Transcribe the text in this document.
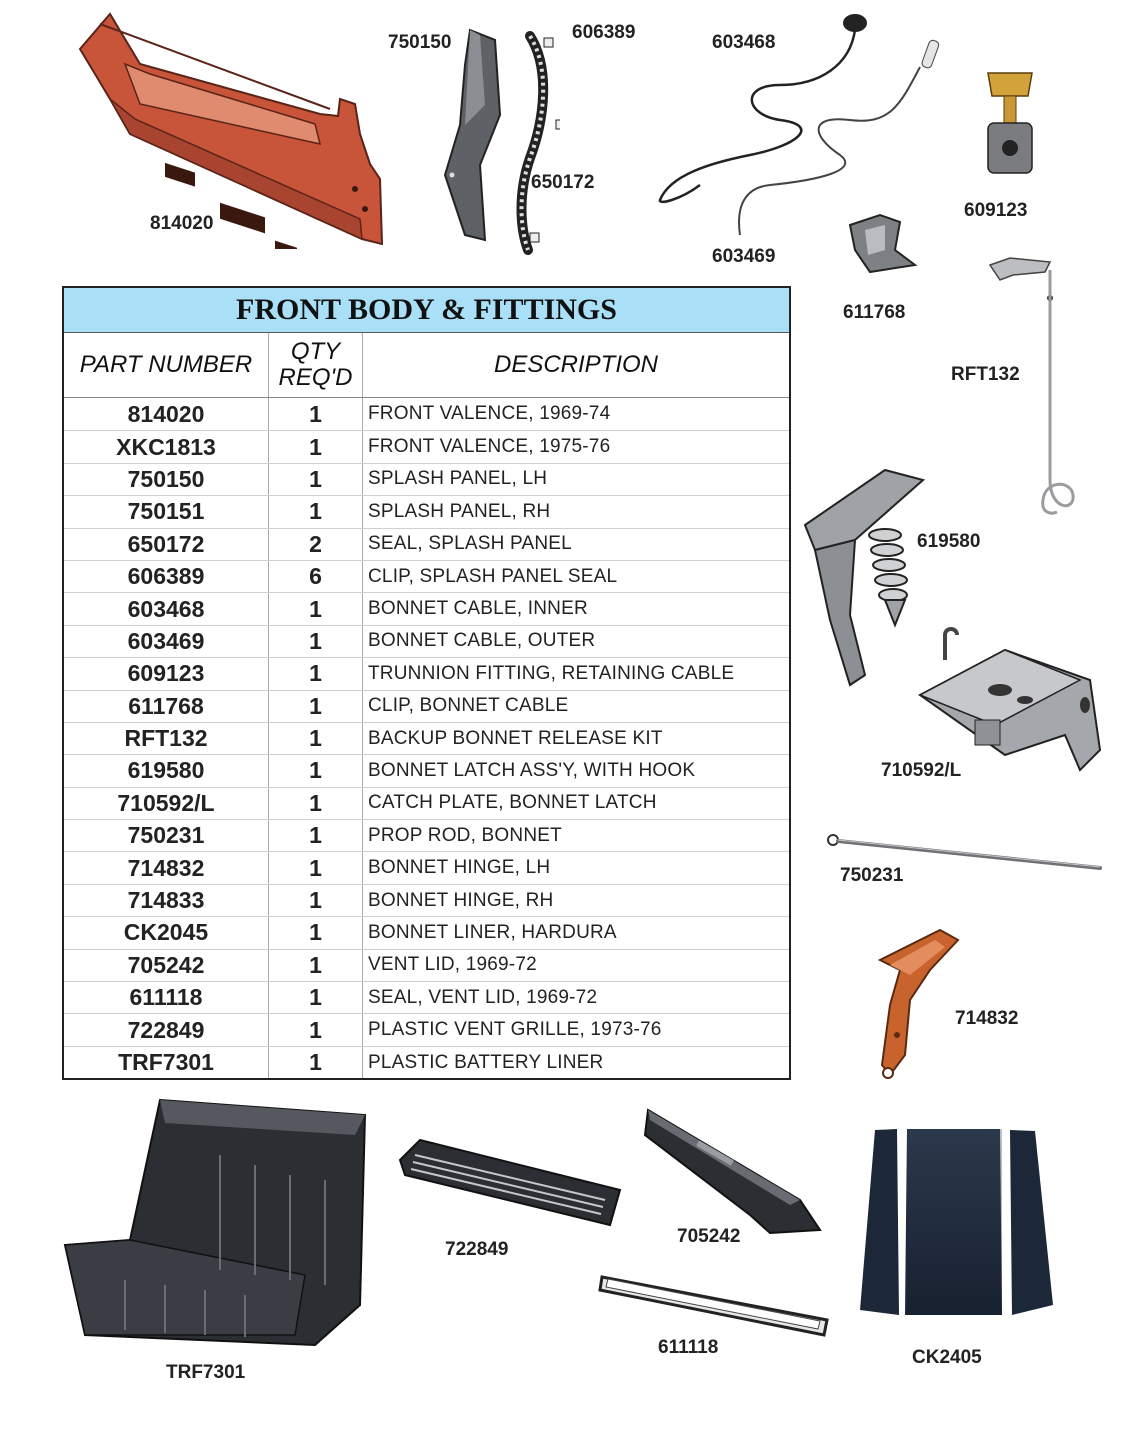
814020
750150	606389
650172
603468
603469
609123
611768
RFT132
619580
710592/L
750231
714832
TRF7301
722849
705242
611118	CK2405
FRONT BODY & FITTINGS
PART NUMBER	QTY
REQ'D	DESCRIPTION
814020	1	FRONT VALENCE, 1969-74
XKC1813	1	FRONT VALENCE, 1975-76
750150	1	SPLASH PANEL, LH
750151	1	SPLASH PANEL, RH
650172	2	SEAL, SPLASH PANEL
606389	6	CLIP, SPLASH PANEL SEAL
603468	1	BONNET CABLE, INNER
603469	1	BONNET CABLE, OUTER
609123	1	TRUNNION FITTING, RETAINING CABLE
611768	1	CLIP, BONNET CABLE
RFT132	1	BACKUP BONNET RELEASE KIT
619580	1	BONNET LATCH ASS'Y, WITH HOOK
710592/L	1	CATCH PLATE, BONNET LATCH
750231	1	PROP ROD, BONNET
714832	1	BONNET HINGE, LH
714833	1	BONNET HINGE, RH
CK2045	1	BONNET LINER, HARDURA
705242	1	VENT LID, 1969-72
611118	1	SEAL, VENT LID, 1969-72
722849	1	PLASTIC VENT GRILLE, 1973-76
TRF7301	1	PLASTIC BATTERY LINER
